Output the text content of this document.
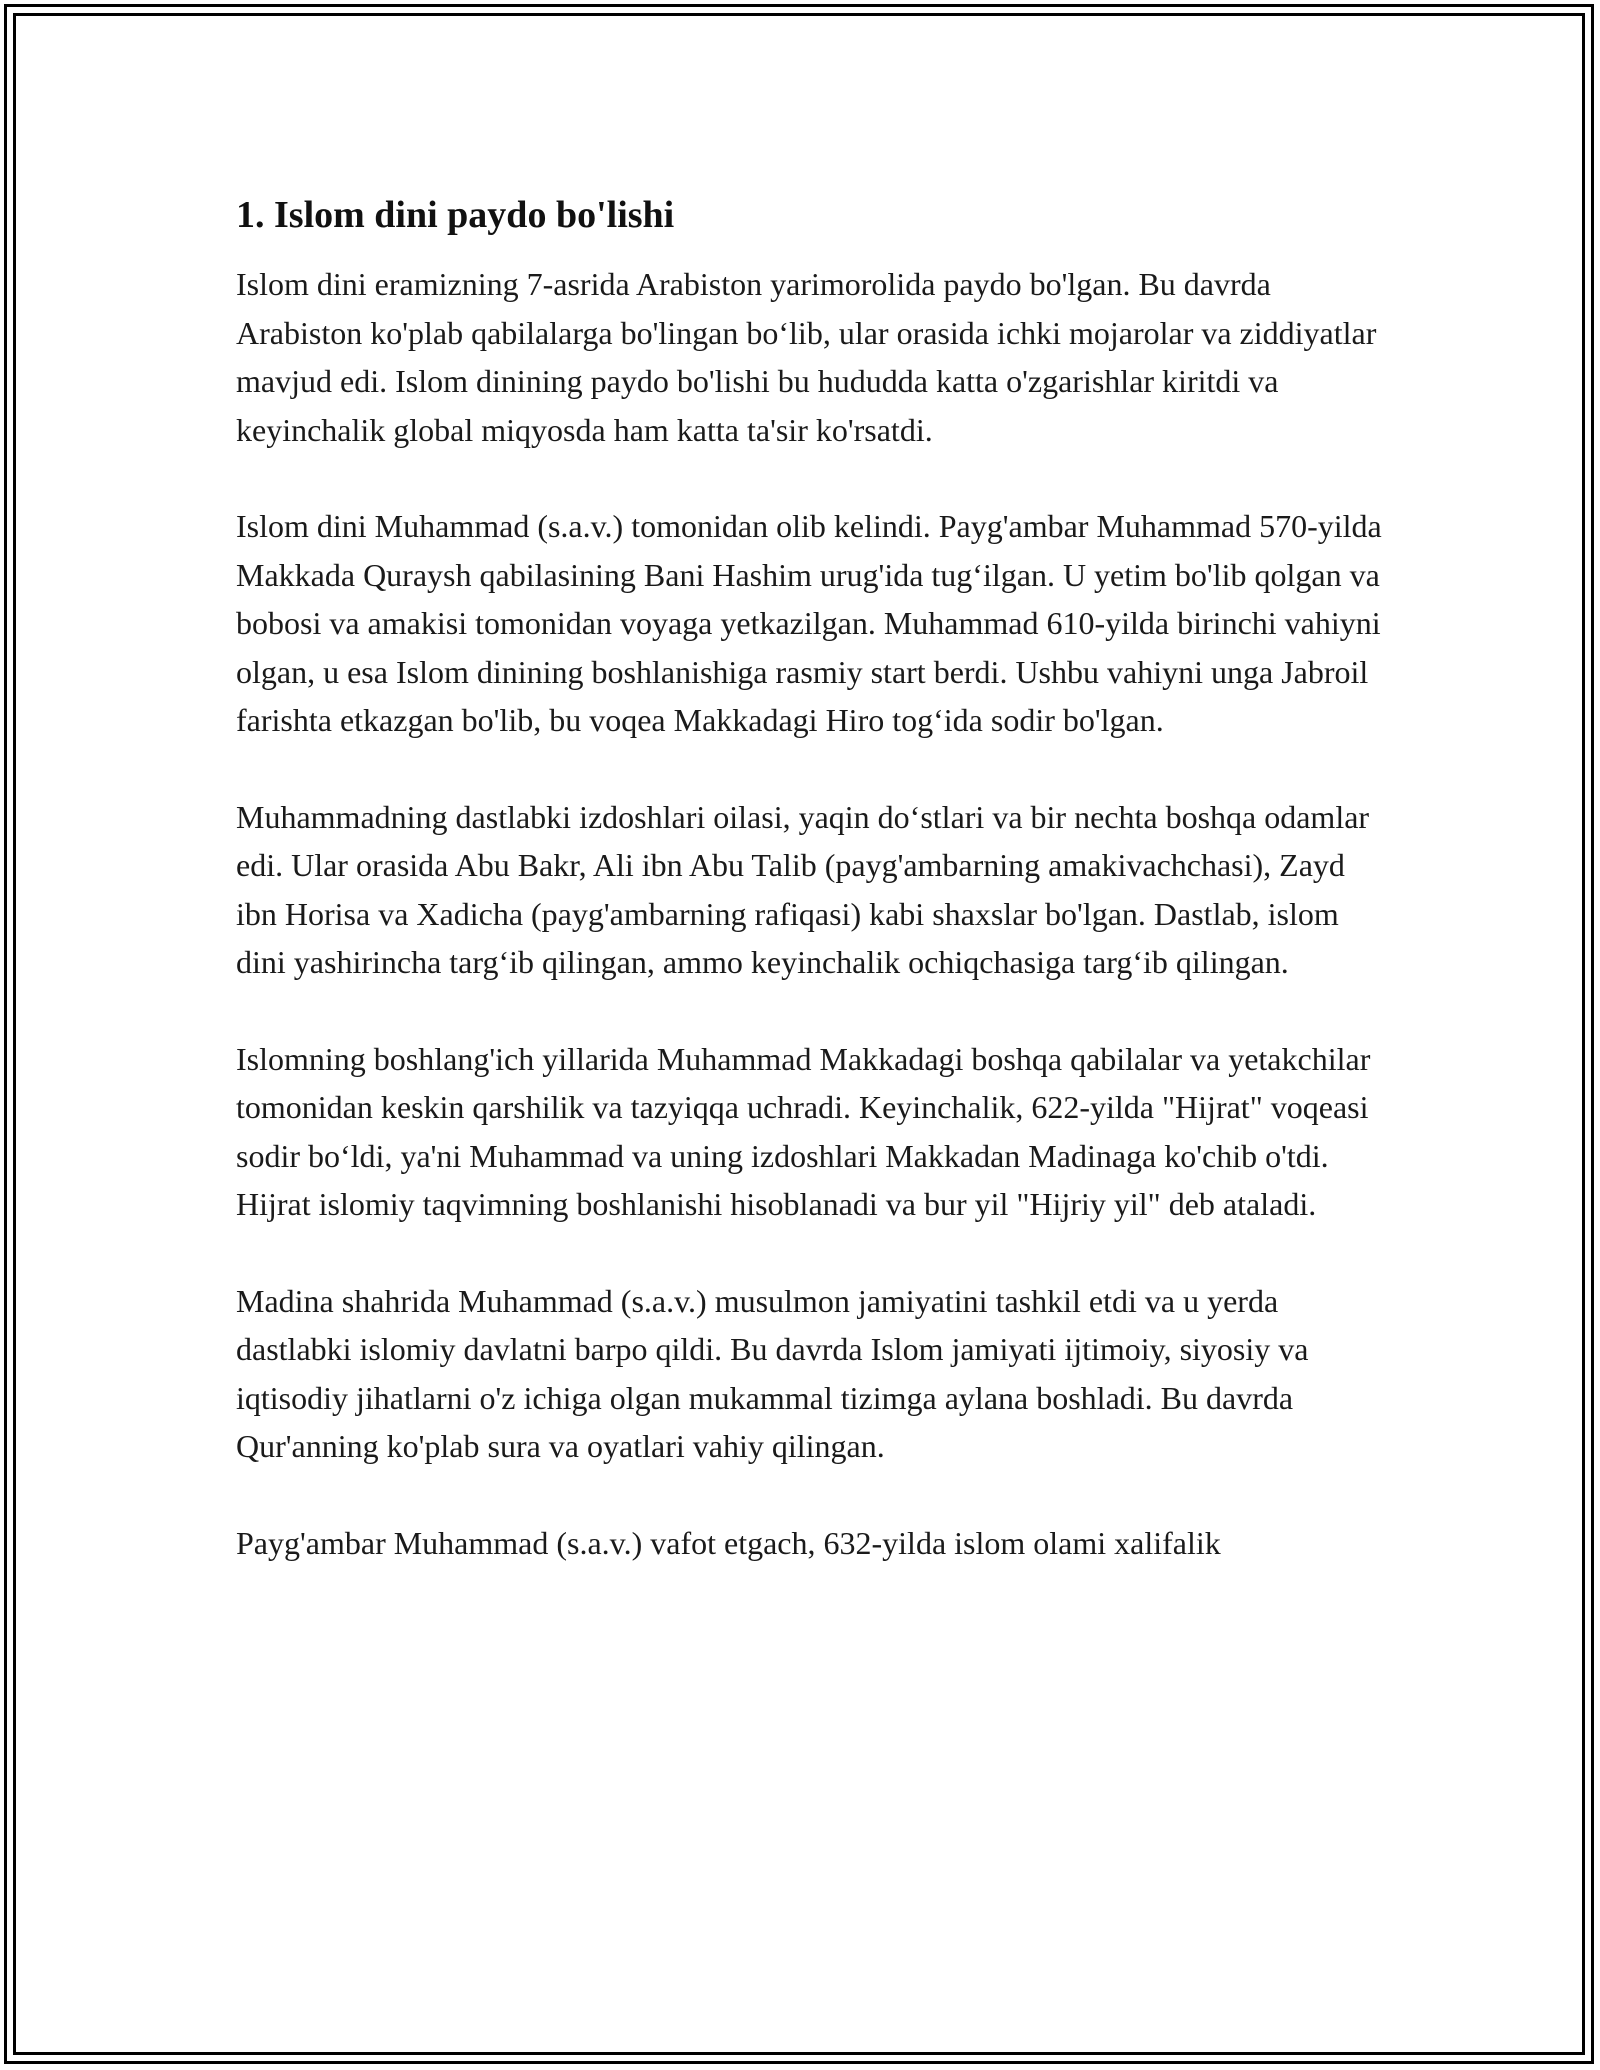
1. Islom dini paydo bo'lishi

Islom dini eramizning 7-asrida Arabiston yarimorolida paydo bo'lgan. Bu davrda Arabiston ko'plab qabilalarga bo'lingan bo‘lib, ular orasida ichki mojarolar va ziddiyatlar mavjud edi. Islom dinining paydo bo'lishi bu hududda katta o'zgarishlar kiritdi va keyinchalik global miqyosda ham katta ta'sir ko'rsatdi.

Islom dini Muhammad (s.a.v.) tomonidan olib kelindi. Payg'ambar Muhammad 570-yilda Makkada Quraysh qabilasining Bani Hashim urug'ida tug‘ilgan. U yetim bo'lib qolgan va bobosi va amakisi tomonidan voyaga yetkazilgan. Muhammad 610-yilda birinchi vahiyni olgan, u esa Islom dinining boshlanishiga rasmiy start berdi. Ushbu vahiyni unga Jabroil farishta etkazgan bo'lib, bu voqea Makkadagi Hiro tog‘ida sodir bo'lgan.

Muhammadning dastlabki izdoshlari oilasi, yaqin do‘stlari va bir nechta boshqa odamlar edi. Ular orasida Abu Bakr, Ali ibn Abu Talib (payg'ambarning amakivachchasi), Zayd ibn Horisa va Xadicha (payg'ambarning rafiqasi) kabi shaxslar bo'lgan. Dastlab, islom dini yashirincha targ‘ib qilingan, ammo keyinchalik ochiqchasiga targ‘ib qilingan.

Islomning boshlang'ich yillarida Muhammad Makkadagi boshqa qabilalar va yetakchilar tomonidan keskin qarshilik va tazyiqqa uchradi. Keyinchalik, 622-yilda "Hijrat" voqeasi sodir bo‘ldi, ya'ni Muhammad va uning izdoshlari Makkadan Madinaga ko'chib o'tdi. Hijrat islomiy taqvimning boshlanishi hisoblanadi va bur yil "Hijriy yil" deb ataladi.

Madina shahrida Muhammad (s.a.v.) musulmon jamiyatini tashkil etdi va u yerda dastlabki islomiy davlatni barpo qildi. Bu davrda Islom jamiyati ijtimoiy, siyosiy va iqtisodiy jihatlarni o'z ichiga olgan mukammal tizimga aylana boshladi. Bu davrda Qur'anning ko'plab sura va oyatlari vahiy qilingan.

Payg'ambar Muhammad (s.a.v.) vafot etgach, 632-yilda islom olami xalifalik
